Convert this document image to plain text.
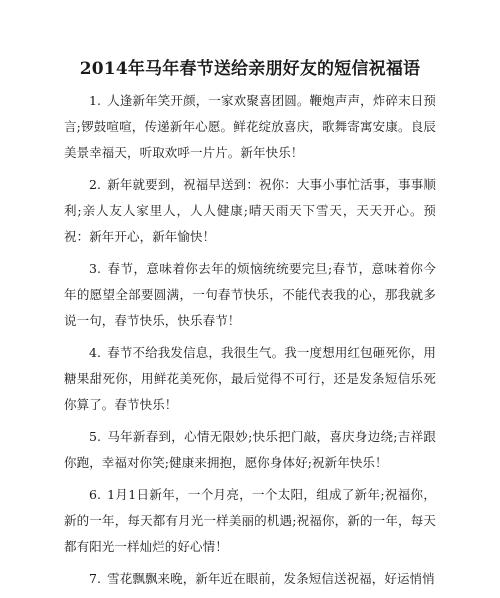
2014年马年春节送给亲朋好友的短信祝福语

1. 人逢新年笑开颜，一家欢聚喜团圆。鞭炮声声，炸碎末日预言;锣鼓喧喧，传递新年心愿。鲜花绽放喜庆，歌舞寄寓安康。良辰美景幸福天，听取欢呼一片片。新年快乐！

2. 新年就要到，祝福早送到：祝你：大事小事忙活事，事事顺利;亲人友人家里人，人人健康;晴天雨天下雪天，天天开心。预祝：新年开心，新年愉快！

3. 春节，意味着你去年的烦恼统统要完旦;春节，意味着你今年的愿望全部要圆满，一句春节快乐，不能代表我的心，那我就多说一句，春节快乐，快乐春节！

4. 春节不给我发信息，我很生气。我一度想用红包砸死你，用糖果甜死你，用鲜花美死你，最后觉得不可行，还是发条短信乐死你算了。春节快乐！

5. 马年新春到，心情无限妙;快乐把门敲，喜庆身边绕;吉祥跟你跑，幸福对你笑;健康来拥抱，愿你身体好;祝新年快乐！

6. 1月1日新年，一个月亮，一个太阳，组成了新年;祝福你，新的一年，每天都有月光一样美丽的机遇;祝福你，新的一年，每天都有阳光一样灿烂的好心情！

7. 雪花飘飘来晚，新年近在眼前，发条短信送祝福，好运悄悄
